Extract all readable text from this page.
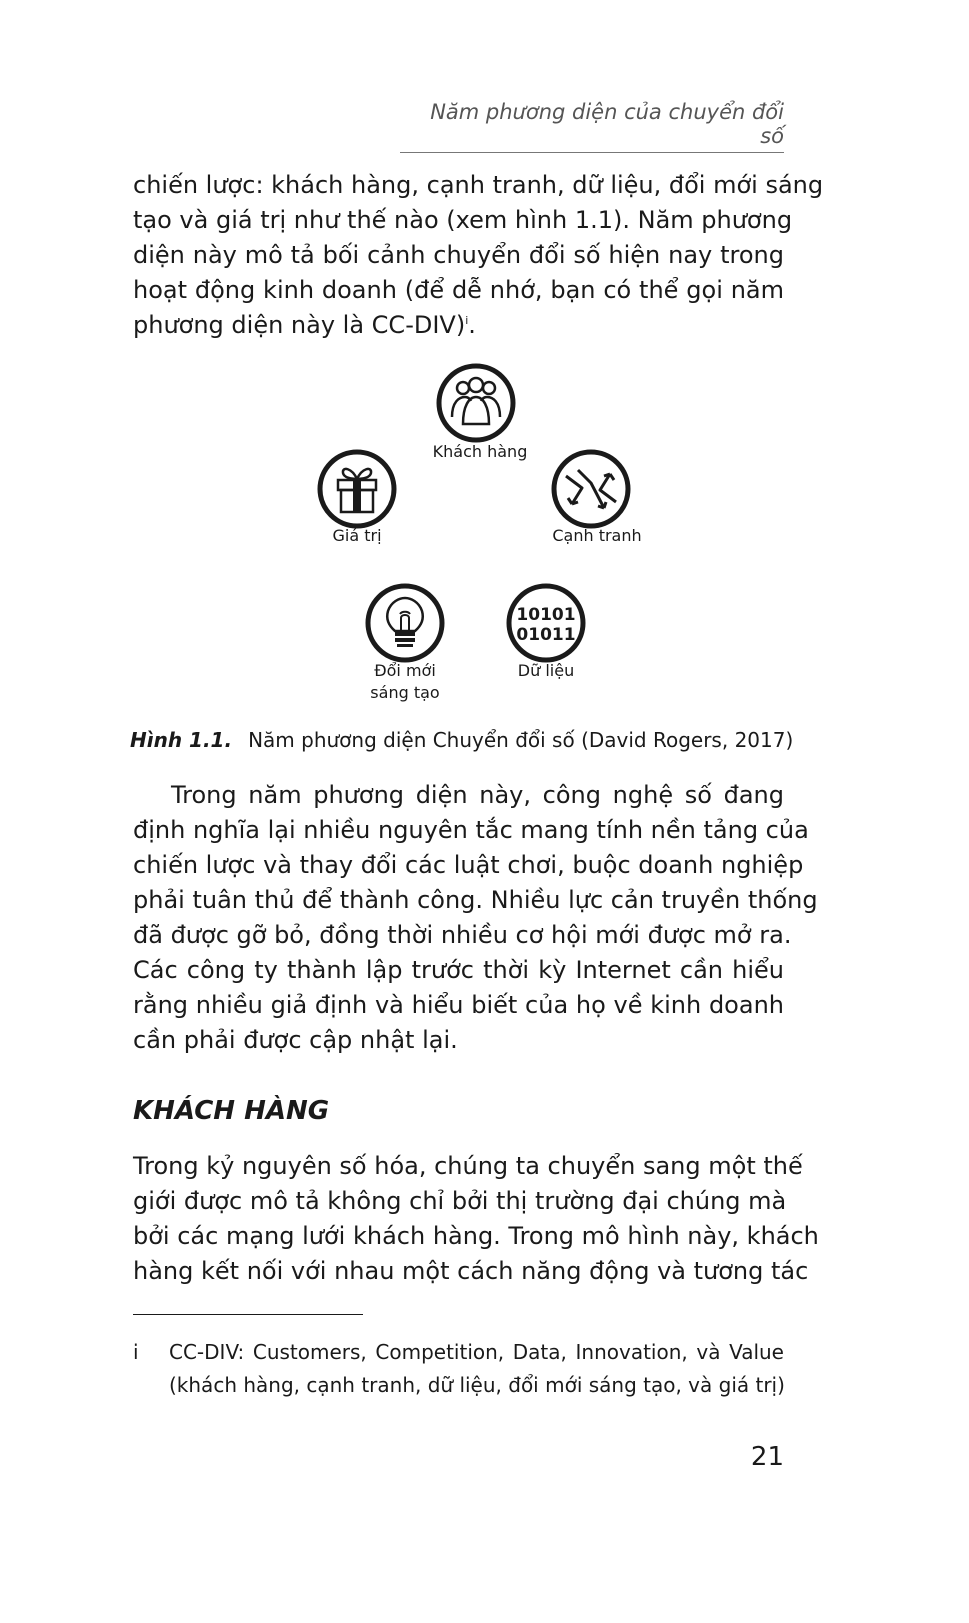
Năm phương diện của chuyển đổi số
chiến lược: khách hàng, cạnh tranh, dữ liệu, đổi mới sáng
tạo và giá trị như thế nào (xem hình 1.1). Năm phương
diện này mô tả bối cảnh chuyển đổi số hiện nay trong
hoạt động kinh doanh (để dễ nhớ, bạn có thể gọi năm
phương diện này là CC-DIV)$^i$.
Khách hàng
Giá trị	Cạnh tranh
Đổi mới
sáng tạo
10101
01011
Dữ liệu
Hình 1.1. Năm phương diện Chuyển đổi số (David Rogers, 2017)
Trong năm phương diện này, công nghệ số đang
định nghĩa lại nhiều nguyên tắc mang tính nền tảng của
chiến lược và thay đổi các luật chơi, buộc doanh nghiệp
phải tuân thủ để thành công. Nhiều lực cản truyền thống
đã được gỡ bỏ, đồng thời nhiều cơ hội mới được mở ra.
Các công ty thành lập trước thời kỳ Internet cần hiểu
rằng nhiều giả định và hiểu biết của họ về kinh doanh
cần phải được cập nhật lại.
KHÁCH HÀNG
Trong kỷ nguyên số hóa, chúng ta chuyển sang một thế
giới được mô tả không chỉ bởi thị trường đại chúng mà
bởi các mạng lưới khách hàng. Trong mô hình này, khách
hàng kết nối với nhau một cách năng động và tương tác
i CC-DIV: Customers, Competition, Data, Innovation, và Value
(khách hàng, cạnh tranh, dữ liệu, đổi mới sáng tạo, và giá trị)
21
